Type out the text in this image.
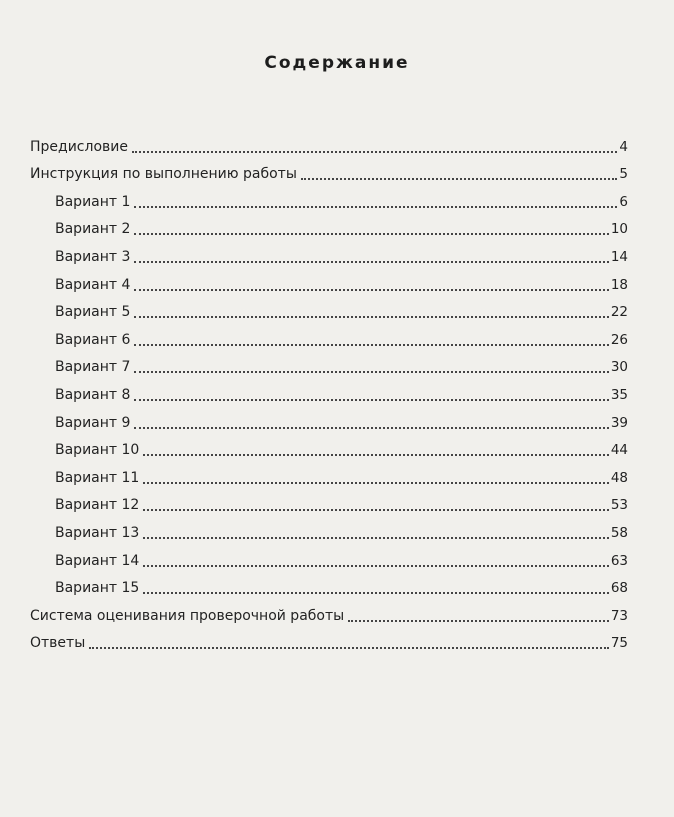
Содержание
Предисловие	4
Инструкция по выполнению работы	5
Вариант 1	6
Вариант 2	10
Вариант 3	14
Вариант 4	18
Вариант 5	22
Вариант 6	26
Вариант 7	30
Вариант 8	35
Вариант 9	39
Вариант 10	44
Вариант 11	48
Вариант 12	53
Вариант 13	58
Вариант 14	63
Вариант 15	68
Система оценивания проверочной работы	73
Ответы	75
